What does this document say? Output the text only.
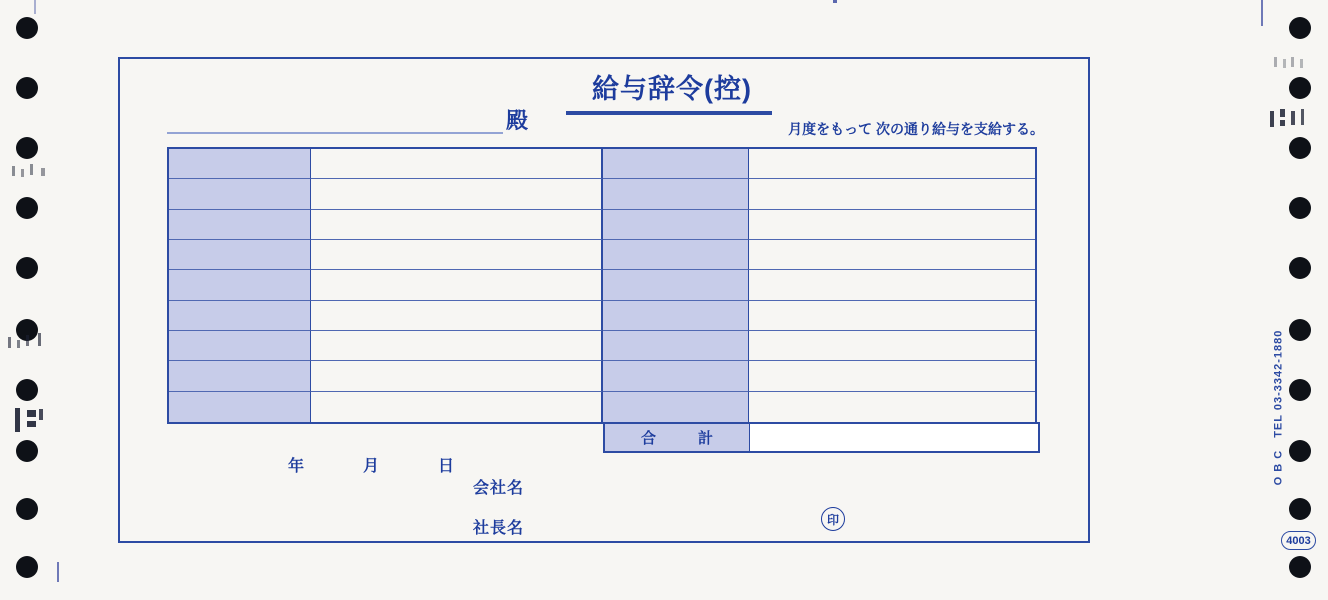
給与辞令(控)
殿	月度をもって 次の通り給与を支給する。
合　計
年	月	日
会社名
社長名
印
O B C　TEL 03-3342-1880
4003
